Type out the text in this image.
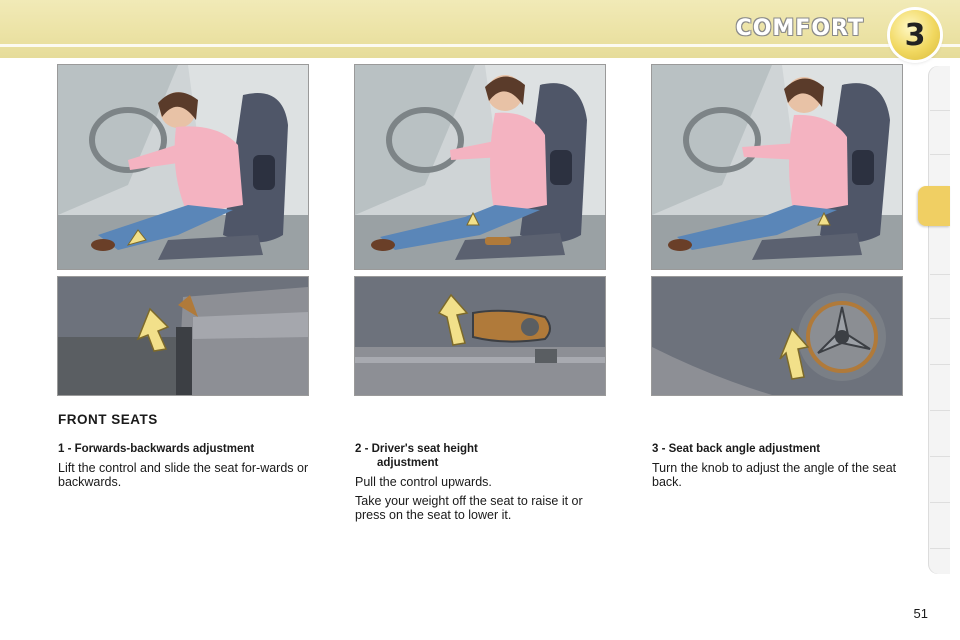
COMFORT 3
FRONT SEATS
1 - Forwards-backwards adjustment

Lift the control and slide the seat for-wards or backwards.

2 - Driver's seat height
adjustment

Pull the control upwards.

Take your weight off the seat to raise it or press on the seat to lower it.

3 - Seat back angle adjustment

Turn the knob to adjust the angle of the seat back.

51
